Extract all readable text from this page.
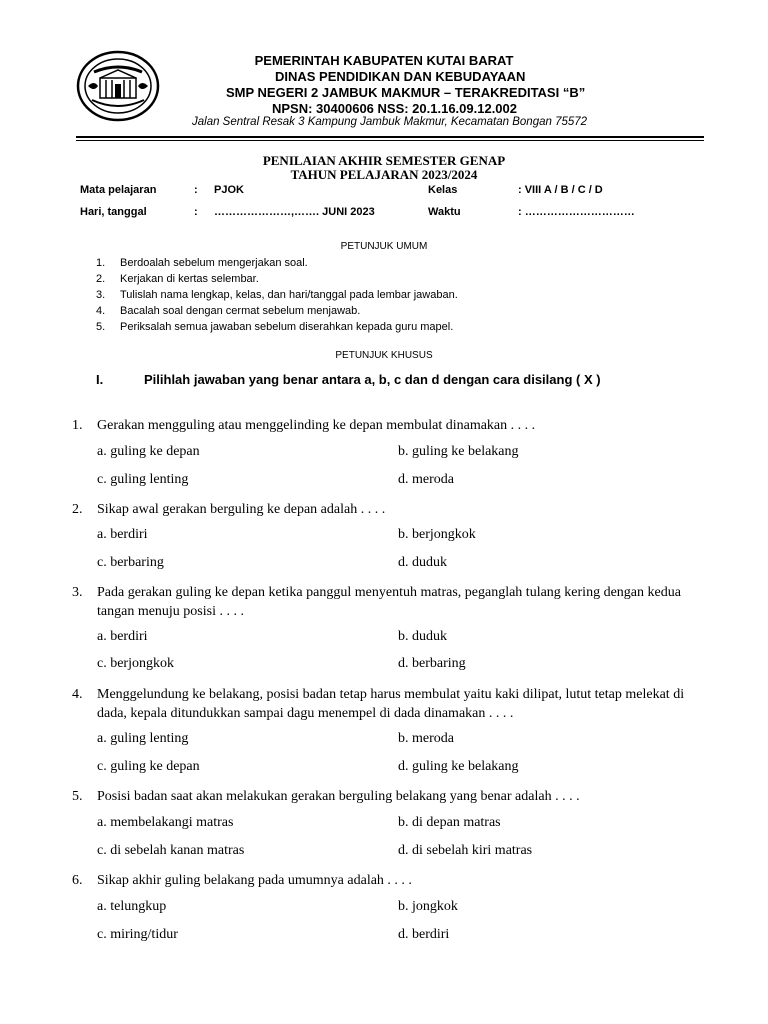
PEMERINTAH KABUPATEN KUTAI BARAT
DINAS PENDIDIKAN DAN KEBUDAYAAN
SMP NEGERI 2 JAMBUK MAKMUR – TERAKREDITASI “B”
NPSN: 30400606 NSS: 20.1.16.09.12.002
Jalan Sentral Resak 3 Kampung Jambuk Makmur, Kecamatan Bongan 75572
PENILAIAN AKHIR SEMESTER GENAP
TAHUN PELAJARAN 2023/2024
Mata pelajaran	: PJOK	Kelas	: VIII A / B / C / D
Hari, tanggal	: …………………,……. JUNI 2023	Waktu	: …………………………
PETUNJUK UMUM
1. Berdoalah sebelum mengerjakan soal.
2. Kerjakan di kertas selembar.
3. Tulislah nama lengkap, kelas, dan hari/tanggal pada lembar jawaban.
4. Bacalah soal dengan cermat sebelum menjawab.
5. Periksalah semua jawaban sebelum diserahkan kepada guru mapel.
PETUNJUK KHUSUS
I.	Pilihlah jawaban yang benar antara a, b, c dan d dengan cara disilang ( X )
1. Gerakan mengguling atau menggelinding ke depan membulat dinamakan . . . .
a. guling ke depan	b. guling ke belakang
c. guling lenting	d. meroda
2. Sikap awal gerakan berguling ke depan adalah . . . .
a. berdiri	b. berjongkok
c. berbaring	d. duduk
3. Pada gerakan guling ke depan ketika panggul menyentuh matras, peganglah tulang kering dengan kedua tangan menuju posisi . . . .
a. berdiri	b. duduk
c. berjongkok	d. berbaring
4. Menggelundung ke belakang, posisi badan tetap harus membulat yaitu kaki dilipat, lutut tetap melekat di dada, kepala ditundukkan sampai dagu menempel di dada dinamakan . . . .
a. guling lenting	b. meroda
c. guling ke depan	d. guling ke belakang
5. Posisi badan saat akan melakukan gerakan berguling belakang yang benar adalah . . . .
a. membelakangi matras	b. di depan matras
c. di sebelah kanan matras	d. di sebelah kiri matras
6. Sikap akhir guling belakang pada umumnya adalah . . . .
a. telungkup	b. jongkok
c. miring/tidur	d. berdiri
